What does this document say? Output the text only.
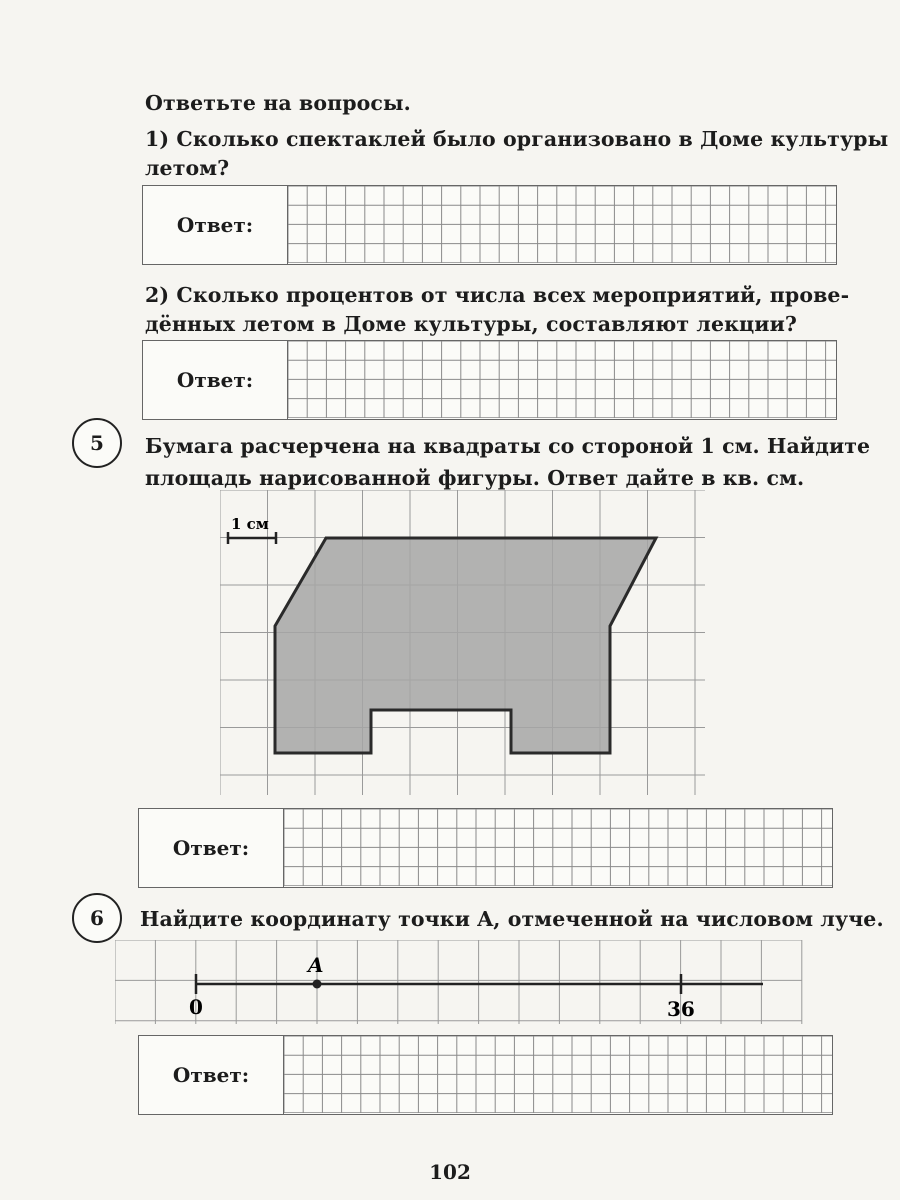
Ответьте на вопросы.
1) Сколько спектаклей было организовано в Доме культуры
летом?
Ответ:
2) Сколько процентов от числа всех мероприятий, прове-
дённых летом в Доме культуры, составляют лекции?
Ответ:
5	Бумага расчерчена на квадраты со стороной 1 см. Найдите
площадь нарисованной фигуры. Ответ дайте в кв. см.
1 см
Ответ:
6	Найдите координату точки A, отмеченной на числовом луче.
A
0	36
Ответ:
102
